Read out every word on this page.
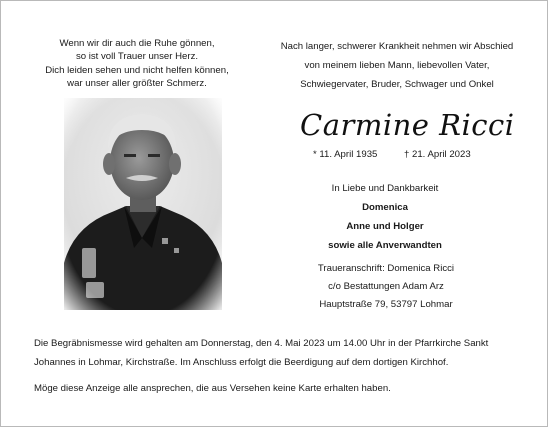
Wenn wir dir auch die Ruhe gönnen,
so ist voll Trauer unser Herz.
Dich leiden sehen und nicht helfen können,
war unser aller größter Schmerz.
Nach langer, schwerer Krankheit nehmen wir Abschied
von meinem lieben Mann, liebevollen Vater,
Schwiegervater, Bruder, Schwager und Onkel
Carmine Ricci
* 11. April 1935	† 21. April 2023
In Liebe und Dankbarkeit
Domenica
Anne und Holger
sowie alle Anverwandten
Traueranschrift: Domenica Ricci
c/o Bestattungen Adam Arz
Hauptstraße 79, 53797 Lohmar
Die Begräbnismesse wird gehalten am Donnerstag, den 4. Mai 2023 um 14.00 Uhr in der Pfarrkirche Sankt Johannes in Lohmar, Kirchstraße. Im Anschluss erfolgt die Beerdigung auf dem dortigen Kirchhof.
Möge diese Anzeige alle ansprechen, die aus Versehen keine Karte erhalten haben.
